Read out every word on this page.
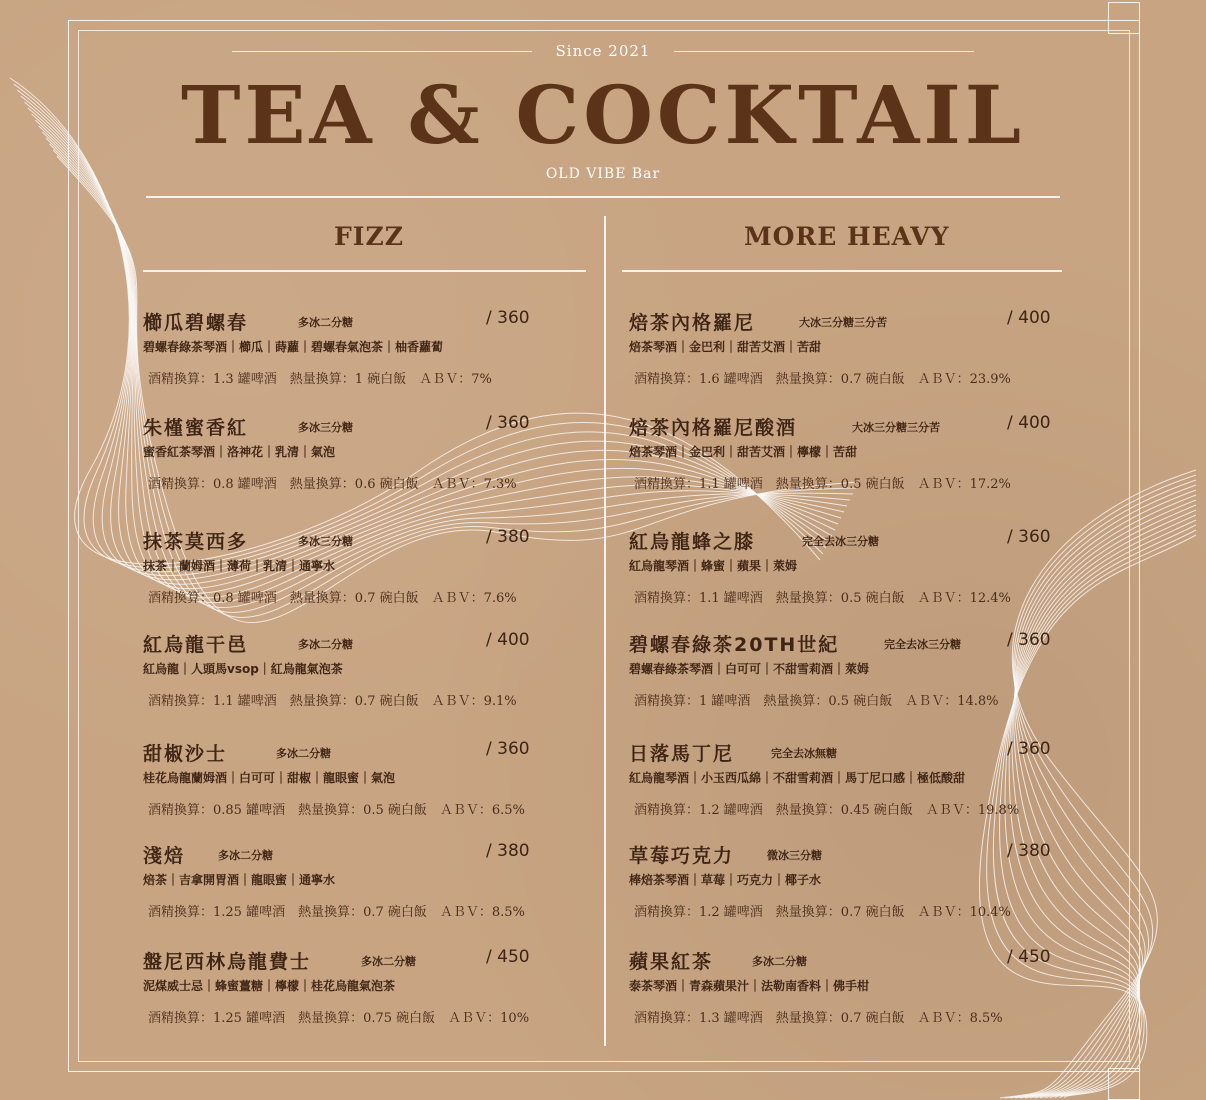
Since 2021
TEA & COCKTAIL
OLD VIBE Bar
FIZZ	MORE HEAVY
櫛瓜碧螺春	多冰二分糖	/ 360
碧螺春綠茶琴酒｜櫛瓜｜蒔蘿｜碧螺春氣泡茶｜柚香蘿蔔
酒精換算：1.3 罐啤酒　熱量換算：1 碗白飯　ＡＢＶ：7%
朱槿蜜香紅	多冰三分糖	/ 360
蜜香紅茶琴酒｜洛神花｜乳清｜氣泡
酒精換算：0.8 罐啤酒　熱量換算：0.6 碗白飯　ＡＢＶ：7.3%
抹茶莫西多	多冰三分糖	/ 380
抹茶｜蘭姆酒｜薄荷｜乳清｜通寧水
酒精換算：0.8 罐啤酒　熱量換算：0.7 碗白飯　ＡＢＶ：7.6%
紅烏龍干邑	多冰二分糖	/ 400
紅烏龍｜人頭馬vsop｜紅烏龍氣泡茶
酒精換算：1.1 罐啤酒　熱量換算：0.7 碗白飯　ＡＢＶ：9.1%
甜椒沙士	多冰二分糖	/ 360
桂花烏龍蘭姆酒｜白可可｜甜椒｜龍眼蜜｜氣泡
酒精換算：0.85 罐啤酒　熱量換算：0.5 碗白飯　ＡＢＶ：6.5%
淺焙	多冰二分糖	/ 380
焙茶｜吉拿開胃酒｜龍眼蜜｜通寧水
酒精換算：1.25 罐啤酒　熱量換算：0.7 碗白飯　ＡＢＶ：8.5%
盤尼西林烏龍費士	多冰二分糖	/ 450
泥煤威士忌｜蜂蜜薑糖｜檸檬｜桂花烏龍氣泡茶
酒精換算：1.25 罐啤酒　熱量換算：0.75 碗白飯　ＡＢＶ：10%
焙茶內格羅尼	大冰三分糖三分苦	/ 400
焙茶琴酒｜金巴利｜甜苦艾酒｜苦甜
酒精換算：1.6 罐啤酒　熱量換算：0.7 碗白飯　ＡＢＶ：23.9%
焙茶內格羅尼酸酒	大冰三分糖三分苦	/ 400
焙茶琴酒｜金巴利｜甜苦艾酒｜檸檬｜苦甜
酒精換算：1.1 罐啤酒　熱量換算：0.5 碗白飯　ＡＢＶ：17.2%
紅烏龍蜂之膝	完全去冰三分糖	/ 360
紅烏龍琴酒｜蜂蜜｜蘋果｜萊姆
酒精換算：1.1 罐啤酒　熱量換算：0.5 碗白飯　ＡＢＶ：12.4%
碧螺春綠茶20TH世紀	完全去冰三分糖	/ 360
碧螺春綠茶琴酒｜白可可｜不甜雪莉酒｜萊姆
酒精換算：1 罐啤酒　熱量換算：0.5 碗白飯　ＡＢＶ：14.8%
日落馬丁尼	完全去冰無糖	/ 360
紅烏龍琴酒｜小玉西瓜綿｜不甜雪莉酒｜馬丁尼口感｜極低酸甜
酒精換算：1.2 罐啤酒　熱量換算：0.45 碗白飯　ＡＢＶ：19.8%
草莓巧克力	微冰三分糖	/ 380
棒焙茶琴酒｜草莓｜巧克力｜椰子水
酒精換算：1.2 罐啤酒　熱量換算：0.7 碗白飯　ＡＢＶ：10.4%
蘋果紅茶	多冰二分糖	/ 450
泰茶琴酒｜青森蘋果汁｜法勒南香料｜佛手柑
酒精換算：1.3 罐啤酒　熱量換算：0.7 碗白飯　ＡＢＶ：8.5%
